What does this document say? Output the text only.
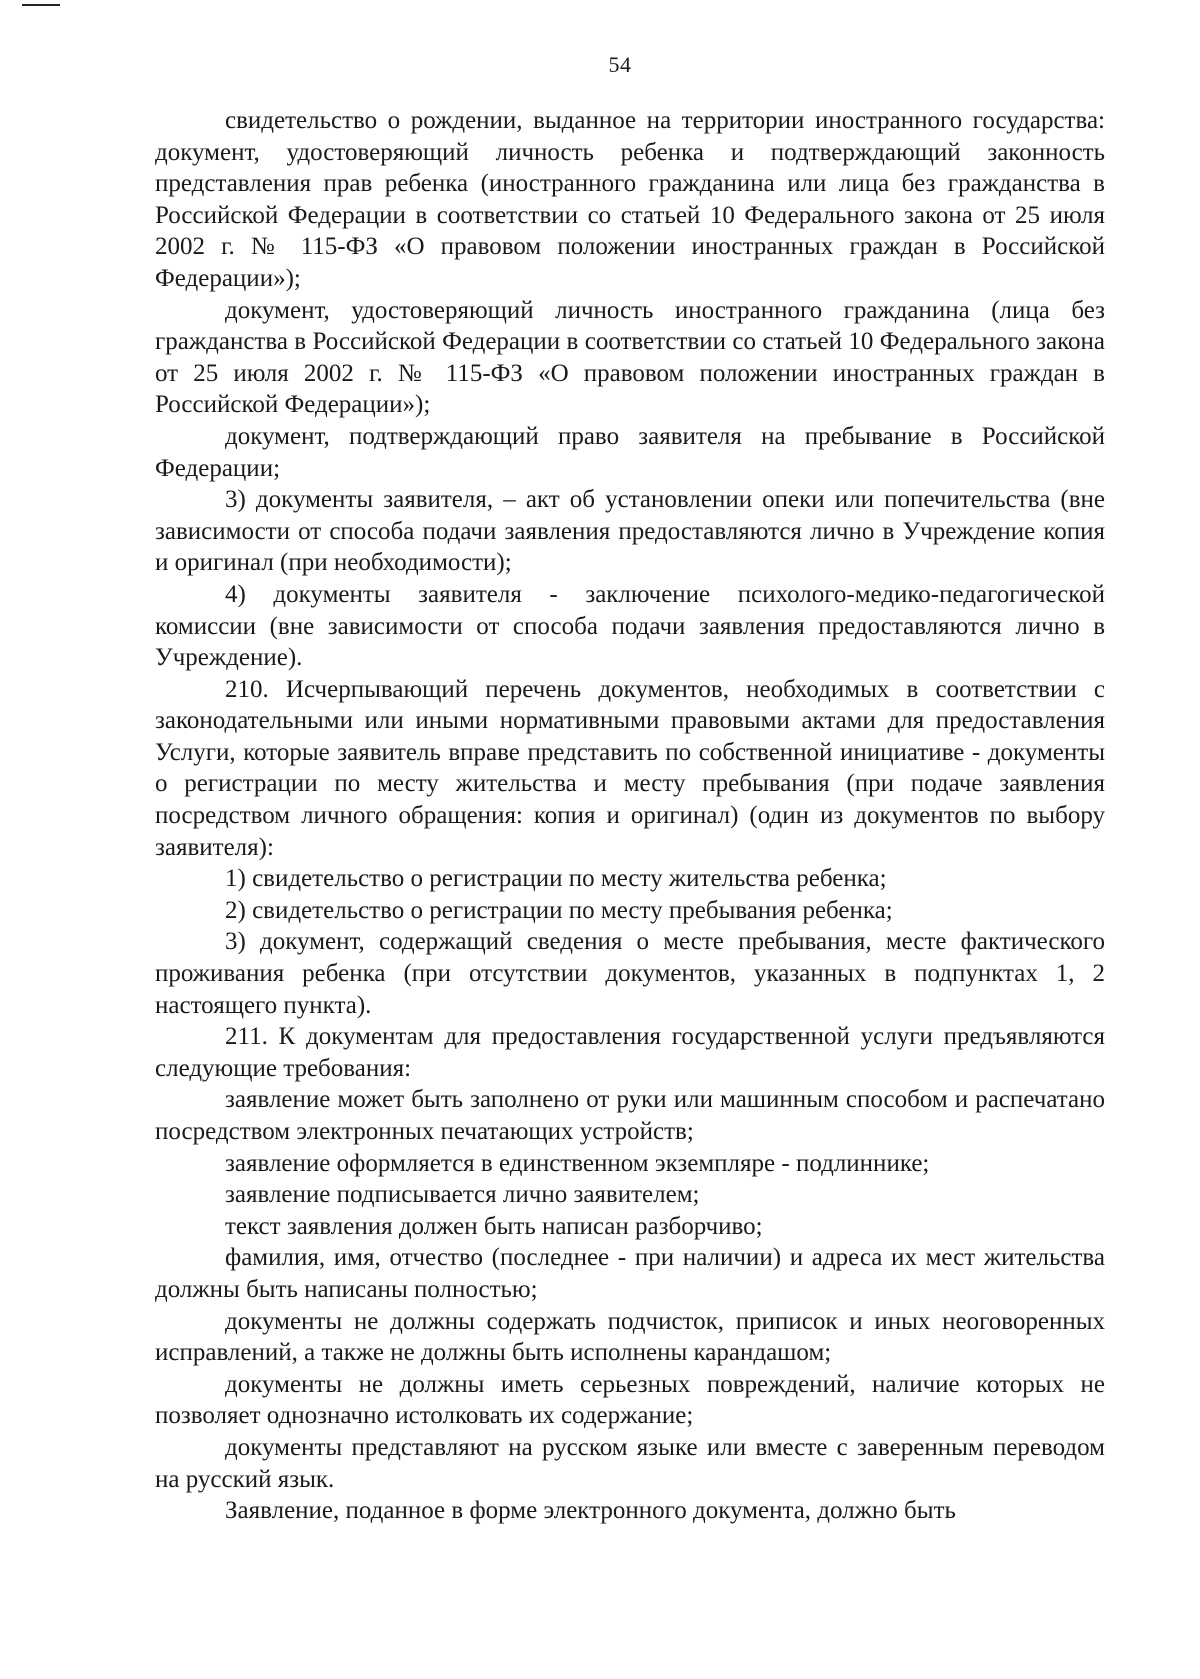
54

свидетельство о рождении, выданное на территории иностранного государства: документ, удостоверяющий личность ребенка и подтверждающий законность представления прав ребенка (иностранного гражданина или лица без гражданства в Российской Федерации в соответствии со статьей 10 Федерального закона от 25 июля 2002 г. № 115-ФЗ «О правовом положении иностранных граждан в Российской Федерации»);

документ, удостоверяющий личность иностранного гражданина (лица без гражданства в Российской Федерации в соответствии со статьей 10 Федерального закона от 25 июля 2002 г. № 115-ФЗ «О правовом положении иностранных граждан в Российской Федерации»);

документ, подтверждающий право заявителя на пребывание в Российской Федерации;

3) документы заявителя, – акт об установлении опеки или попечительства (вне зависимости от способа подачи заявления предоставляются лично в Учреждение копия и оригинал (при необходимости);

4) документы заявителя - заключение психолого-медико-педагогической комиссии (вне зависимости от способа подачи заявления предоставляются лично в Учреждение).

210. Исчерпывающий перечень документов, необходимых в соответствии с законодательными или иными нормативными правовыми актами для предоставления Услуги, которые заявитель вправе представить по собственной инициативе - документы о регистрации по месту жительства и месту пребывания (при подаче заявления посредством личного обращения: копия и оригинал) (один из документов по выбору заявителя):

1) свидетельство о регистрации по месту жительства ребенка;

2) свидетельство о регистрации по месту пребывания ребенка;

3) документ, содержащий сведения о месте пребывания, месте фактического проживания ребенка (при отсутствии документов, указанных в подпунктах 1, 2 настоящего пункта).

211. К документам для предоставления государственной услуги предъявляются следующие требования:

заявление может быть заполнено от руки или машинным способом и распечатано посредством электронных печатающих устройств;

заявление оформляется в единственном экземпляре - подлиннике;

заявление подписывается лично заявителем;

текст заявления должен быть написан разборчиво;

фамилия, имя, отчество (последнее - при наличии) и адреса их мест жительства должны быть написаны полностью;

документы не должны содержать подчисток, приписок и иных неоговоренных исправлений, а также не должны быть исполнены карандашом;

документы не должны иметь серьезных повреждений, наличие которых не позволяет однозначно истолковать их содержание;

документы представляют на русском языке или вместе с заверенным переводом на русский язык.

Заявление, поданное в форме электронного документа, должно быть
